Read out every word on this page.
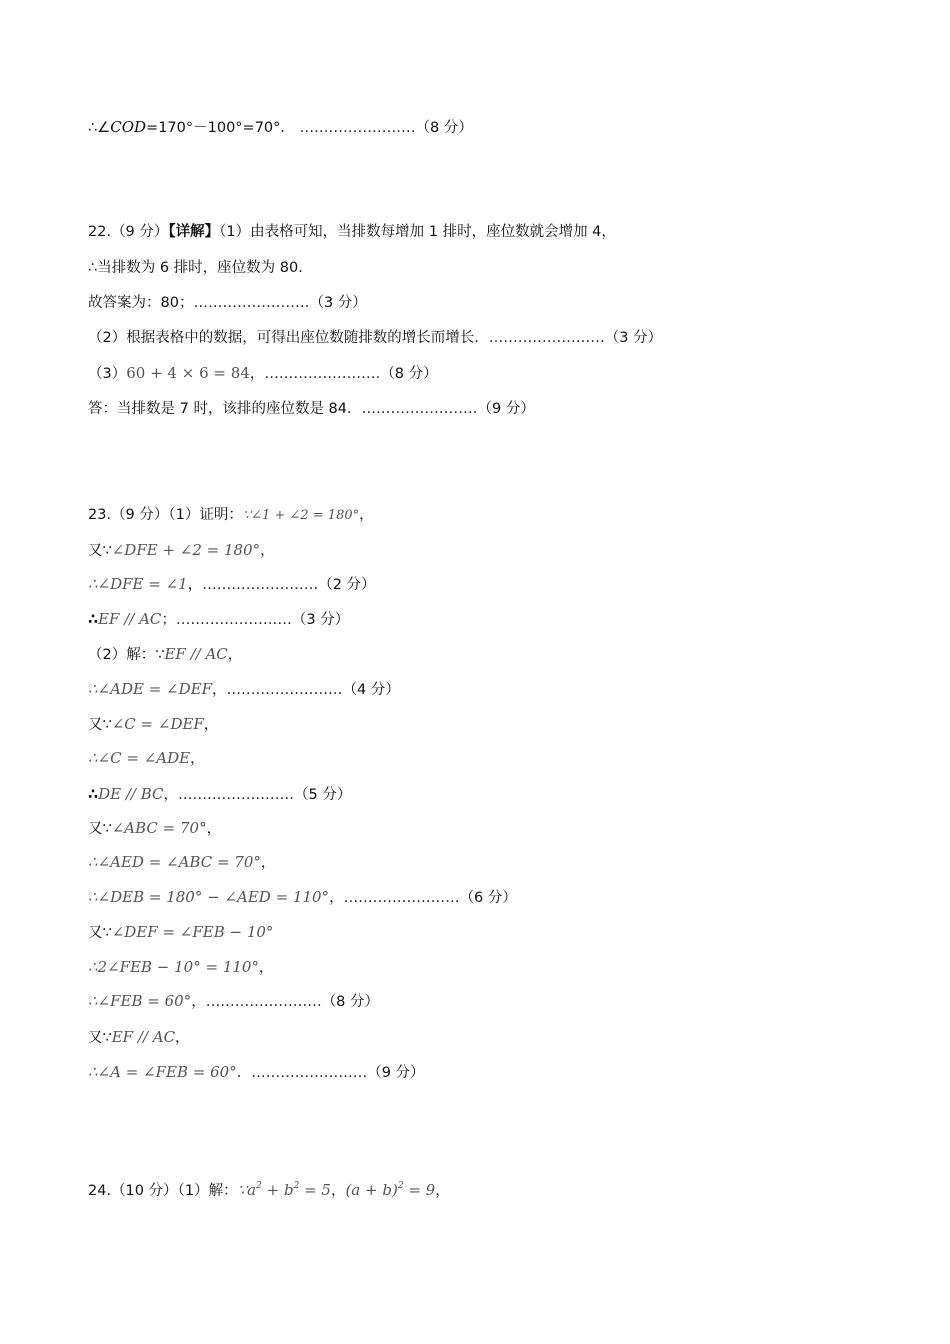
∴∠COD=170°－100°=70°． ……………………（8 分）
22.（9 分）【详解】（1）由表格可知，当排数每增加 1 排时，座位数就会增加 4，
∴当排数为 6 排时，座位数为 80．
故答案为：80；……………………（3 分）
（2）根据表格中的数据，可得出座位数随排数的增长而增长．……………………（3 分）
（3）60 + 4 × 6 = 84，……………………（8 分）
答：当排数是 7 时，该排的座位数是 84．……………………（9 分）
23.（9 分）（1）证明：∵∠1 + ∠2 = 180°，
又∵∠DFE + ∠2 = 180°，
∴∠DFE = ∠1，……………………（2 分）
∴EF // AC；……………………（3 分）
（2）解：∵EF // AC，
∴∠ADE = ∠DEF，……………………（4 分）
又∵∠C = ∠DEF，
∴∠C = ∠ADE，
∴DE // BC，……………………（5 分）
又∵∠ABC = 70°，
∴∠AED = ∠ABC = 70°，
∴∠DEB = 180° − ∠AED = 110°，……………………（6 分）
又∵∠DEF = ∠FEB − 10°
∴2∠FEB − 10° = 110°，
∴∠FEB = 60°，……………………（8 分）
又∵EF // AC，
∴∠A = ∠FEB = 60°．……………………（9 分）
24.（10 分）（1）解：$\because a^2 + b^2 = 5$，$(a + b)^2 = 9$，
